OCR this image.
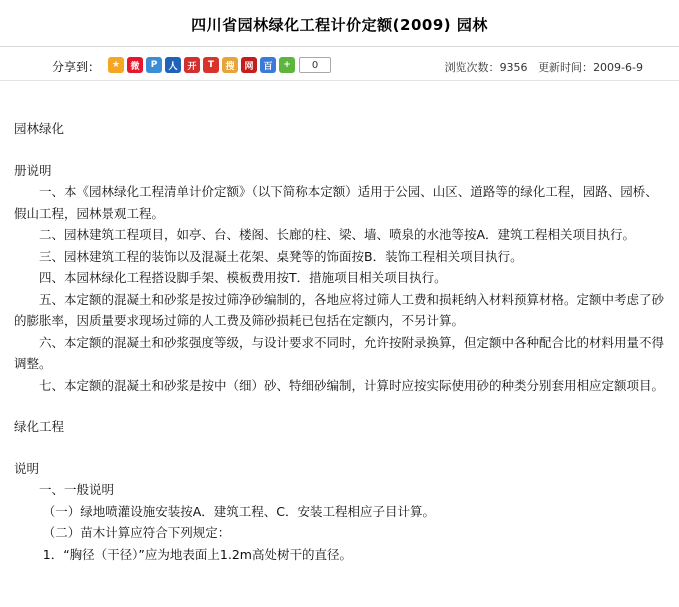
四川省园林绿化工程计价定额(2009) 园林
分享到：	★	微	P	人	开	T	搜	网	百	+	0	浏览次数：9356 更新时间：2009-6-9

园林绿化

册说明

一、本《园林绿化工程清单计价定额》（以下简称本定额）适用于公园、山区、道路等的绿化工程，园路、园桥、假山工程，园林景观工程。

二、园林建筑工程项目，如亭、台、楼阁、长廊的柱、梁、墙、喷泉的水池等按A．建筑工程相关项目执行。

三、园林建筑工程的装饰以及混凝土花架、桌凳等的饰面按B．装饰工程相关项目执行。

四、本园林绿化工程搭设脚手架、模板费用按T．措施项目相关项目执行。

五、本定额的混凝土和砂浆是按过筛净砂编制的，各地应将过筛人工费和损耗纳入材料预算材格。定额中考虑了砂的膨胀率，因质量要求现场过筛的人工费及筛砂损耗已包括在定额内，不另计算。

六、本定额的混凝土和砂浆强度等级，与设计要求不同时，允许按附录换算，但定额中各种配合比的材料用量不得调整。

七、本定额的混凝土和砂浆是按中（细）砂、特细砂编制，计算时应按实际使用砂的种类分别套用相应定额项目。

绿化工程

说明

一、一般说明

（一）绿地喷灌设施安装按A．建筑工程、C．安装工程相应子目计算。

（二）苗木计算应符合下列规定：

1．“胸径（干径）”应为地表面上1.2m高处树干的直径。
